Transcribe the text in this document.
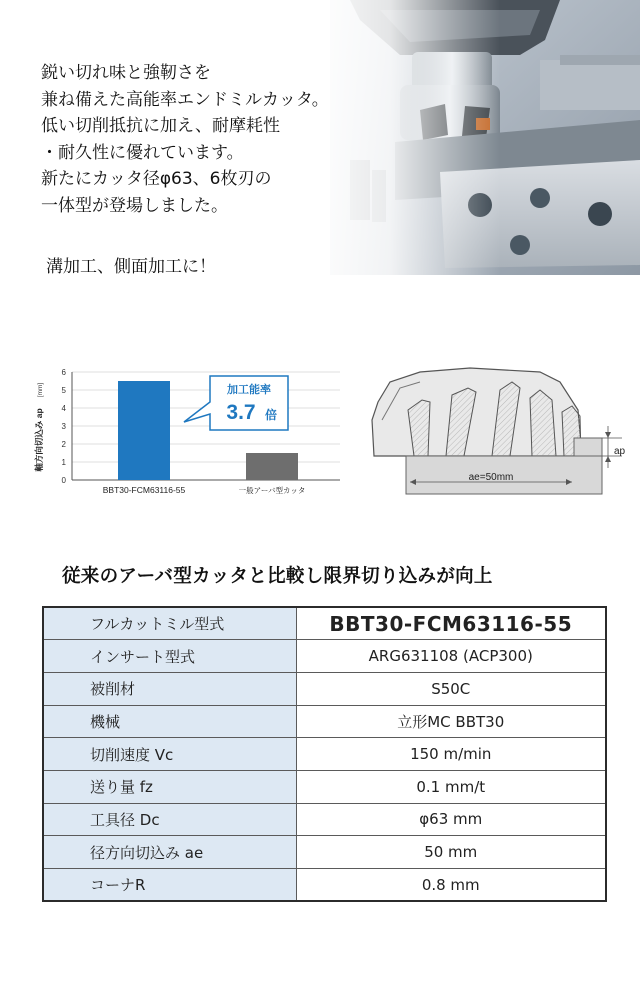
鋭い切れ味と強靭さを
兼ね備えた高能率エンドミルカッタ。
低い切削抵抗に加え、耐摩耗性
・耐久性に優れています。
新たにカッタ径φ63、6枚刃の
一体型が登場しました。
溝加工、側面加工に！
0
1
2
3
4
5
6
軸方向切込み ap
[mm]
BBT30-FCM63116-55	一般アーバ型カッタ
加工能率
3.7 倍
ap
ae=50mm
従来のアーバ型カッタと比較し限界切り込みが向上
フルカットミル型式	BBT30-FCM63116-55
インサート型式	ARG631108 (ACP300)
被削材	S50C
機械	立形MC BBT30
切削速度 Vc	150 m/min
送り量 fz	0.1 mm/t
工具径 Dc	φ63 mm
径方向切込み ae	50 mm
コーナR	0.8 mm
